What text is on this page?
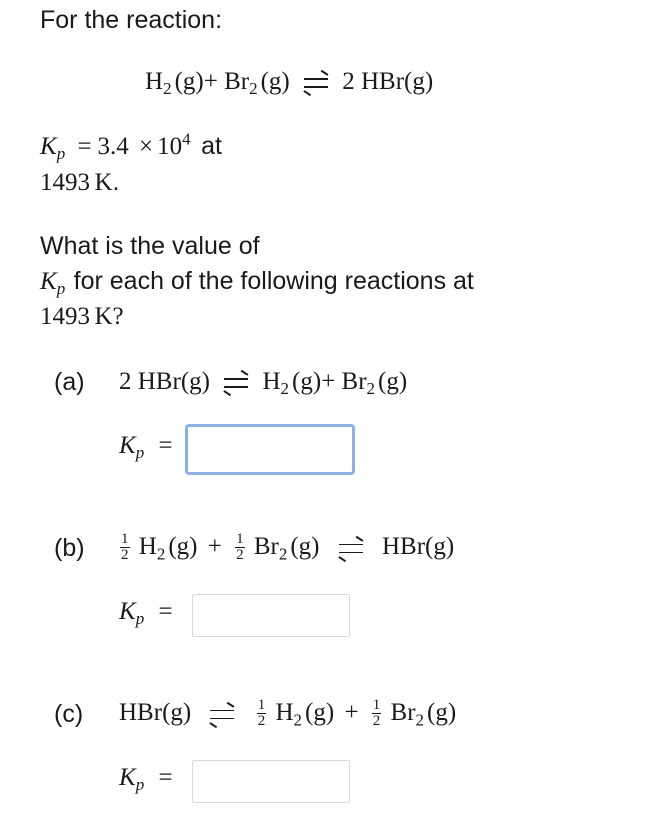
For the reaction:
$H_2$ $(g)+ Br_2$ (g) 2 HBr(g)
$K_p = 3.4 \times 10^4$ at
1493 K.
What is the value of
$K_p$ for each of the following reactions at
1493 K?
(a) 2 HBr(g) $H_2$ $(g)+ Br_2$ (g)
$K_p$ =
$(b) \frac{1}{2} H_2$ $(g) + \frac{1}{2} Br_2$ (g)	HBr(g)
$K_p$ =
(c) HBr(g)
	$\frac{1}{2} H_2$ $(g) + \frac{1}{2} Br_2$ (g)
$K_p$ =
